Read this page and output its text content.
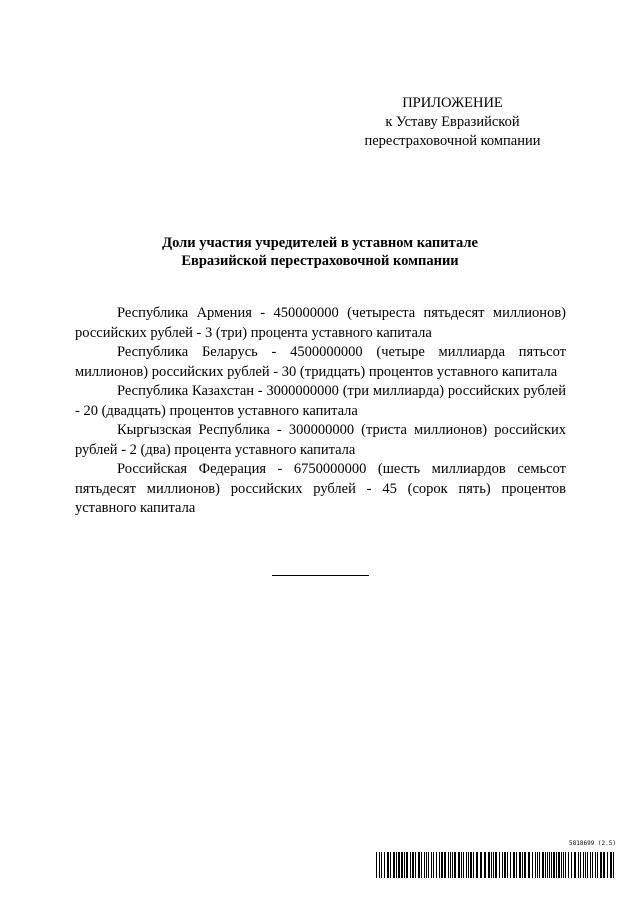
ПРИЛОЖЕНИЕ
к Уставу Евразийской
перестраховочной компании
Доли участия учредителей в уставном капитале
Евразийской перестраховочной компании

Республика Армения - 450000000 (четыреста пятьдесят миллионов) российских рублей - 3 (три) процента уставного капитала

Республика Беларусь - 4500000000 (четыре миллиарда пятьсот миллионов) российских рублей - 30 (тридцать) процентов уставного капитала

Республика Казахстан - 3000000000 (три миллиарда) российских рублей - 20 (двадцать) процентов уставного капитала

Кыргызская Республика - 300000000 (триста миллионов) российских рублей - 2 (два) процента уставного капитала

Российская Федерация - 6750000000 (шесть миллиардов семьсот пятьдесят миллионов) российских рублей - 45 (сорок пять) процентов уставного капитала

5818699 (2.5)
